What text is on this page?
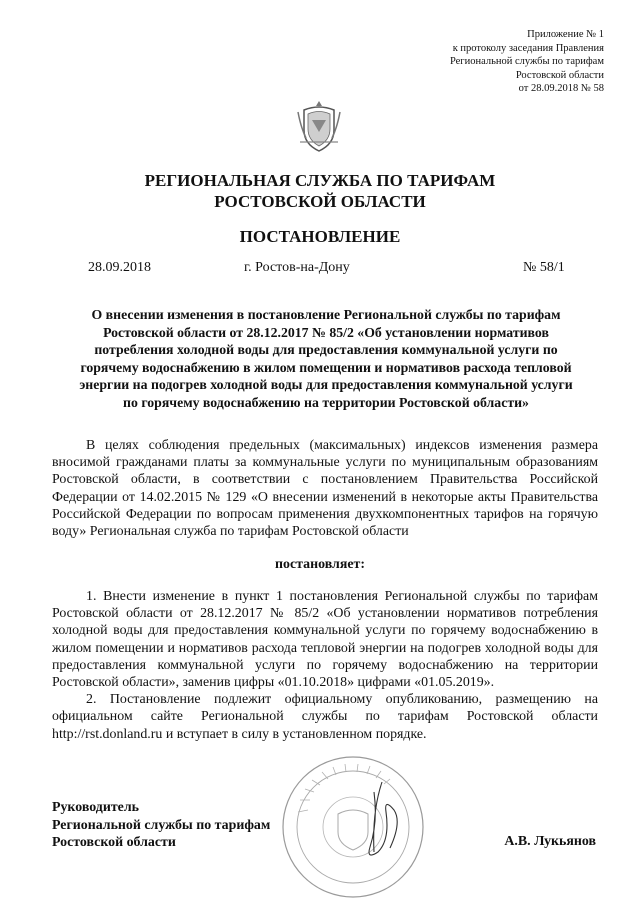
Приложение № 1
к протоколу заседания Правления
Региональной службы по тарифам
Ростовской области
от 28.09.2018 № 58
РЕГИОНАЛЬНАЯ СЛУЖБА ПО ТАРИФАМ
РОСТОВСКОЙ ОБЛАСТИ
ПОСТАНОВЛЕНИЕ
28.09.2018	г. Ростов-на-Дону	№ 58/1
О внесении изменения в постановление Региональной службы по тарифам
Ростовской области от 28.12.2017 № 85/2 «Об установлении нормативов
потребления холодной воды для предоставления коммунальной услуги по
горячему водоснабжению в жилом помещении и нормативов расхода тепловой
энергии на подогрев холодной воды для предоставления коммунальной услуги
по горячему водоснабжению на территории Ростовской области»

В целях соблюдения предельных (максимальных) индексов изменения размера вносимой гражданами платы за коммунальные услуги по муниципальным образованиям Ростовской области, в соответствии с постановлением Правительства Российской Федерации от 14.02.2015 № 129 «О внесении изменений в некоторые акты Правительства Российской Федерации по вопросам применения двухкомпонентных тарифов на горячую воду» Региональная служба по тарифам Ростовской области

постановляет:

1. Внести изменение в пункт 1 постановления Региональной службы по тарифам Ростовской области от 28.12.2017 № 85/2 «Об установлении нормативов потребления холодной воды для предоставления коммунальной услуги по горячему водоснабжению в жилом помещении и нормативов расхода тепловой энергии на подогрев холодной воды для предоставления коммунальной услуги по горячему водоснабжению на территории Ростовской области», заменив цифры «01.10.2018» цифрами «01.05.2019».

2. Постановление подлежит официальному опубликованию, размещению на официальном сайте Региональной службы по тарифам Ростовской области http://rst.donland.ru и вступает в силу в установленном порядке.

Руководитель
Региональной службы по тарифам
Ростовской области	А.В. Лукьянов
